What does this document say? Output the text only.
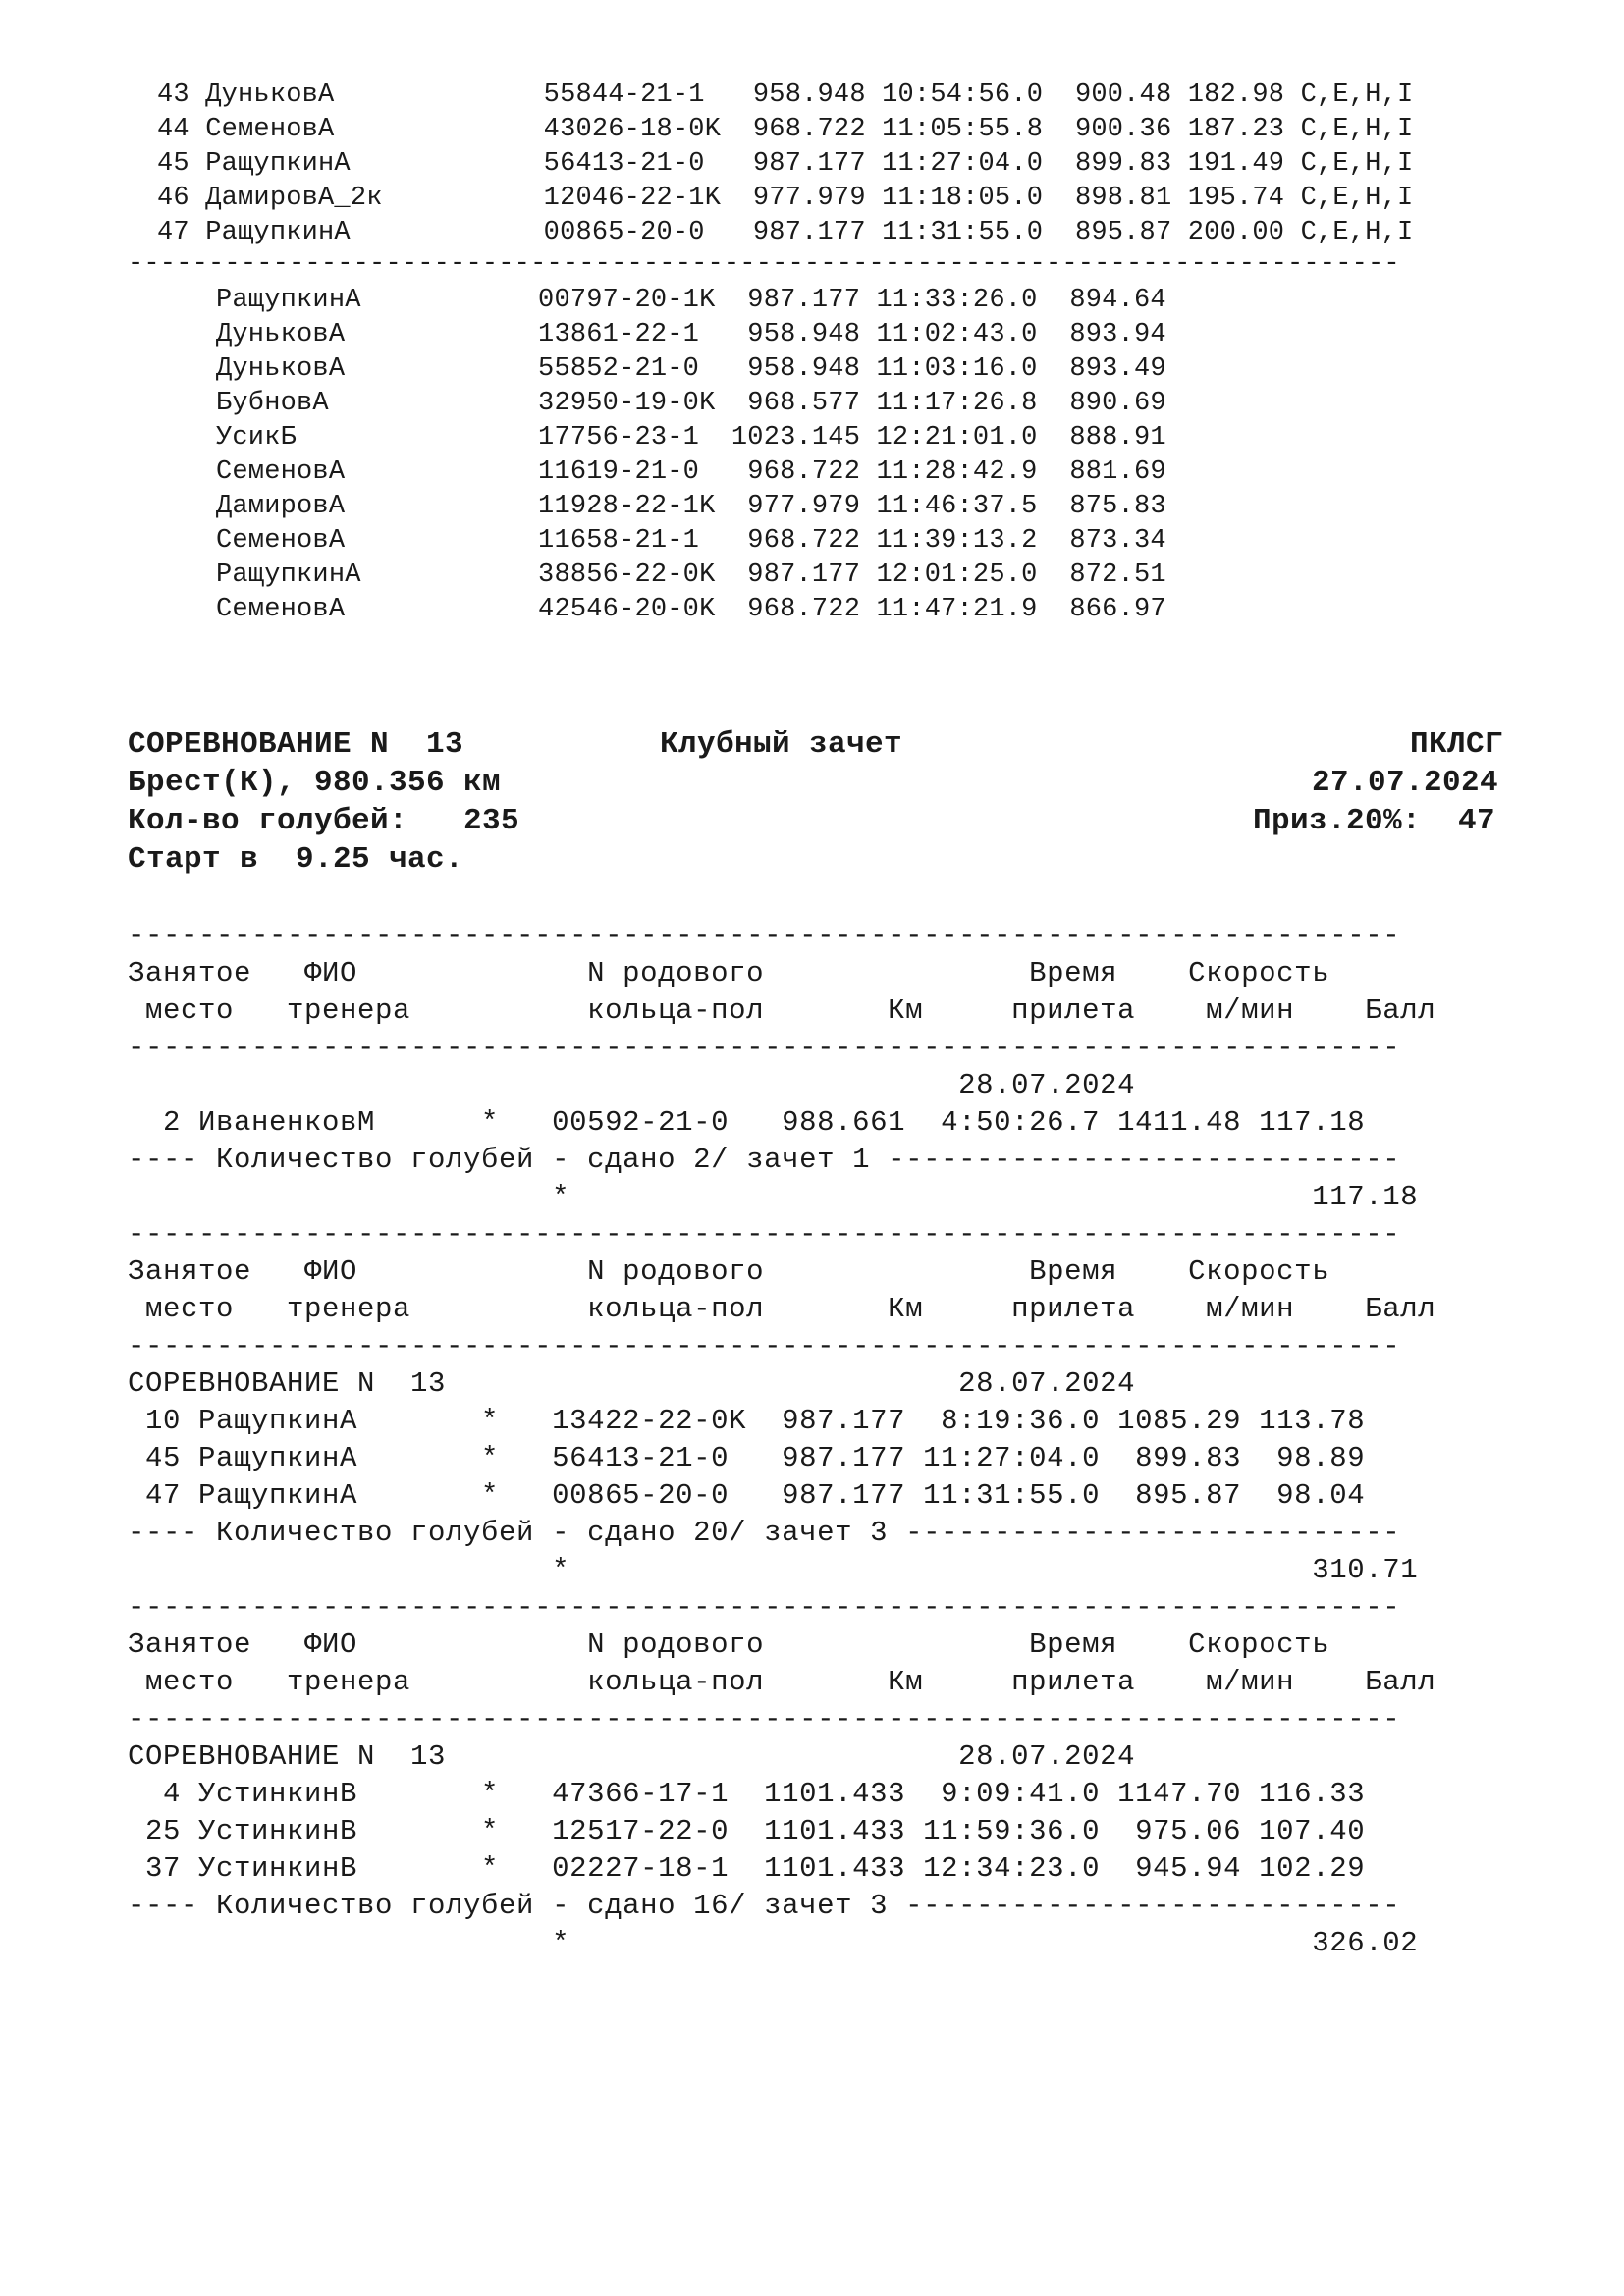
43 ДуньковА             55844-21-1   958.948 10:54:56.0  900.48 182.98 C,E,H,I
44 СеменовА             43026-18-0K  968.722 11:05:55.8  900.36 187.23 C,E,H,I
45 РащупкинА            56413-21-0   987.177 11:27:04.0  899.83 191.49 C,E,H,I
46 ДамировА_2к          12046-22-1K  977.979 11:18:05.0  898.81 195.74 C,E,H,I
47 РащупкинА            00865-20-0   987.177 11:31:55.0  895.87 200.00 C,E,H,I
-------------------------------------------------------------------------------
РащупкинА           00797-20-1K  987.177 11:33:26.0  894.64
ДуньковА            13861-22-1   958.948 11:02:43.0  893.94
ДуньковА            55852-21-0   958.948 11:03:16.0  893.49
БубновА             32950-19-0K  968.577 11:17:26.8  890.69
УсикБ               17756-23-1  1023.145 12:21:01.0  888.91
СеменовА            11619-21-0   968.722 11:28:42.9  881.69
ДамировА            11928-22-1K  977.979 11:46:37.5  875.83
СеменовА            11658-21-1   968.722 11:39:13.2  873.34
РащупкинА           38856-22-0K  987.177 12:01:25.0  872.51
СеменовА            42546-20-0K  968.722 11:47:21.9  866.97
СОРЕВНОВАНИЕ N  13	Клубный зачет	ПКЛСГ
Брест(К), 980.356 км	27.07.2024
Кол-во голубей:   235	Приз.20%:  47
Старт в  9.25 час.
------------------------------------------------------------------------
Занятое   ФИО             N родового               Время    Скорость
место   тренера          кольца-пол       Км     прилета    м/мин    Балл
------------------------------------------------------------------------
28.07.2024
2 ИваненковМ      *   00592-21-0   988.661  4:50:26.7 1411.48 117.18
---- Количество голубей - сдано 2/ зачет 1 -----------------------------
*                                          117.18
------------------------------------------------------------------------
Занятое   ФИО             N родового               Время    Скорость
место   тренера          кольца-пол       Км     прилета    м/мин    Балл
------------------------------------------------------------------------
СОРЕВНОВАНИЕ N  13                             28.07.2024
10 РащупкинА       *   13422-22-0K  987.177  8:19:36.0 1085.29 113.78
45 РащупкинА       *   56413-21-0   987.177 11:27:04.0  899.83  98.89
47 РащупкинА       *   00865-20-0   987.177 11:31:55.0  895.87  98.04
---- Количество голубей - сдано 20/ зачет 3 ----------------------------
*                                          310.71
------------------------------------------------------------------------
Занятое   ФИО             N родового               Время    Скорость
место   тренера          кольца-пол       Км     прилета    м/мин    Балл
------------------------------------------------------------------------
СОРЕВНОВАНИЕ N  13                             28.07.2024
4 УстинкинВ       *   47366-17-1  1101.433  9:09:41.0 1147.70 116.33
25 УстинкинВ       *   12517-22-0  1101.433 11:59:36.0  975.06 107.40
37 УстинкинВ       *   02227-18-1  1101.433 12:34:23.0  945.94 102.29
---- Количество голубей - сдано 16/ зачет 3 ----------------------------
*                                          326.02
